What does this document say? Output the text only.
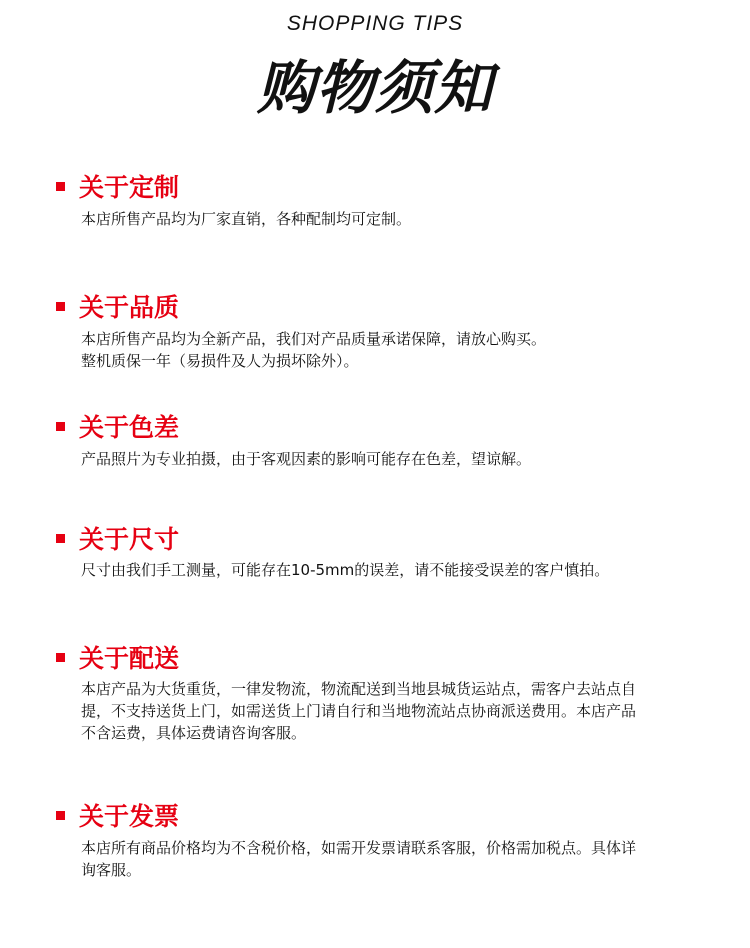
SHOPPING TIPS
购物须知
关于定制

本店所售产品均为厂家直销，各种配制均可定制。

关于品质

本店所售产品均为全新产品，我们对产品质量承诺保障，请放心购买。

整机质保一年（易损件及人为损坏除外）。

关于色差

产品照片为专业拍摄，由于客观因素的影响可能存在色差，望谅解。

关于尺寸

尺寸由我们手工测量，可能存在10-5mm的误差，请不能接受误差的客户慎拍。

关于配送

本店产品为大货重货，一律发物流，物流配送到当地县城货运站点，需客户去站点自

提，不支持送货上门，如需送货上门请自行和当地物流站点协商派送费用。本店产品

不含运费，具体运费请咨询客服。

关于发票

本店所有商品价格均为不含税价格，如需开发票请联系客服，价格需加税点。具体详

询客服。
